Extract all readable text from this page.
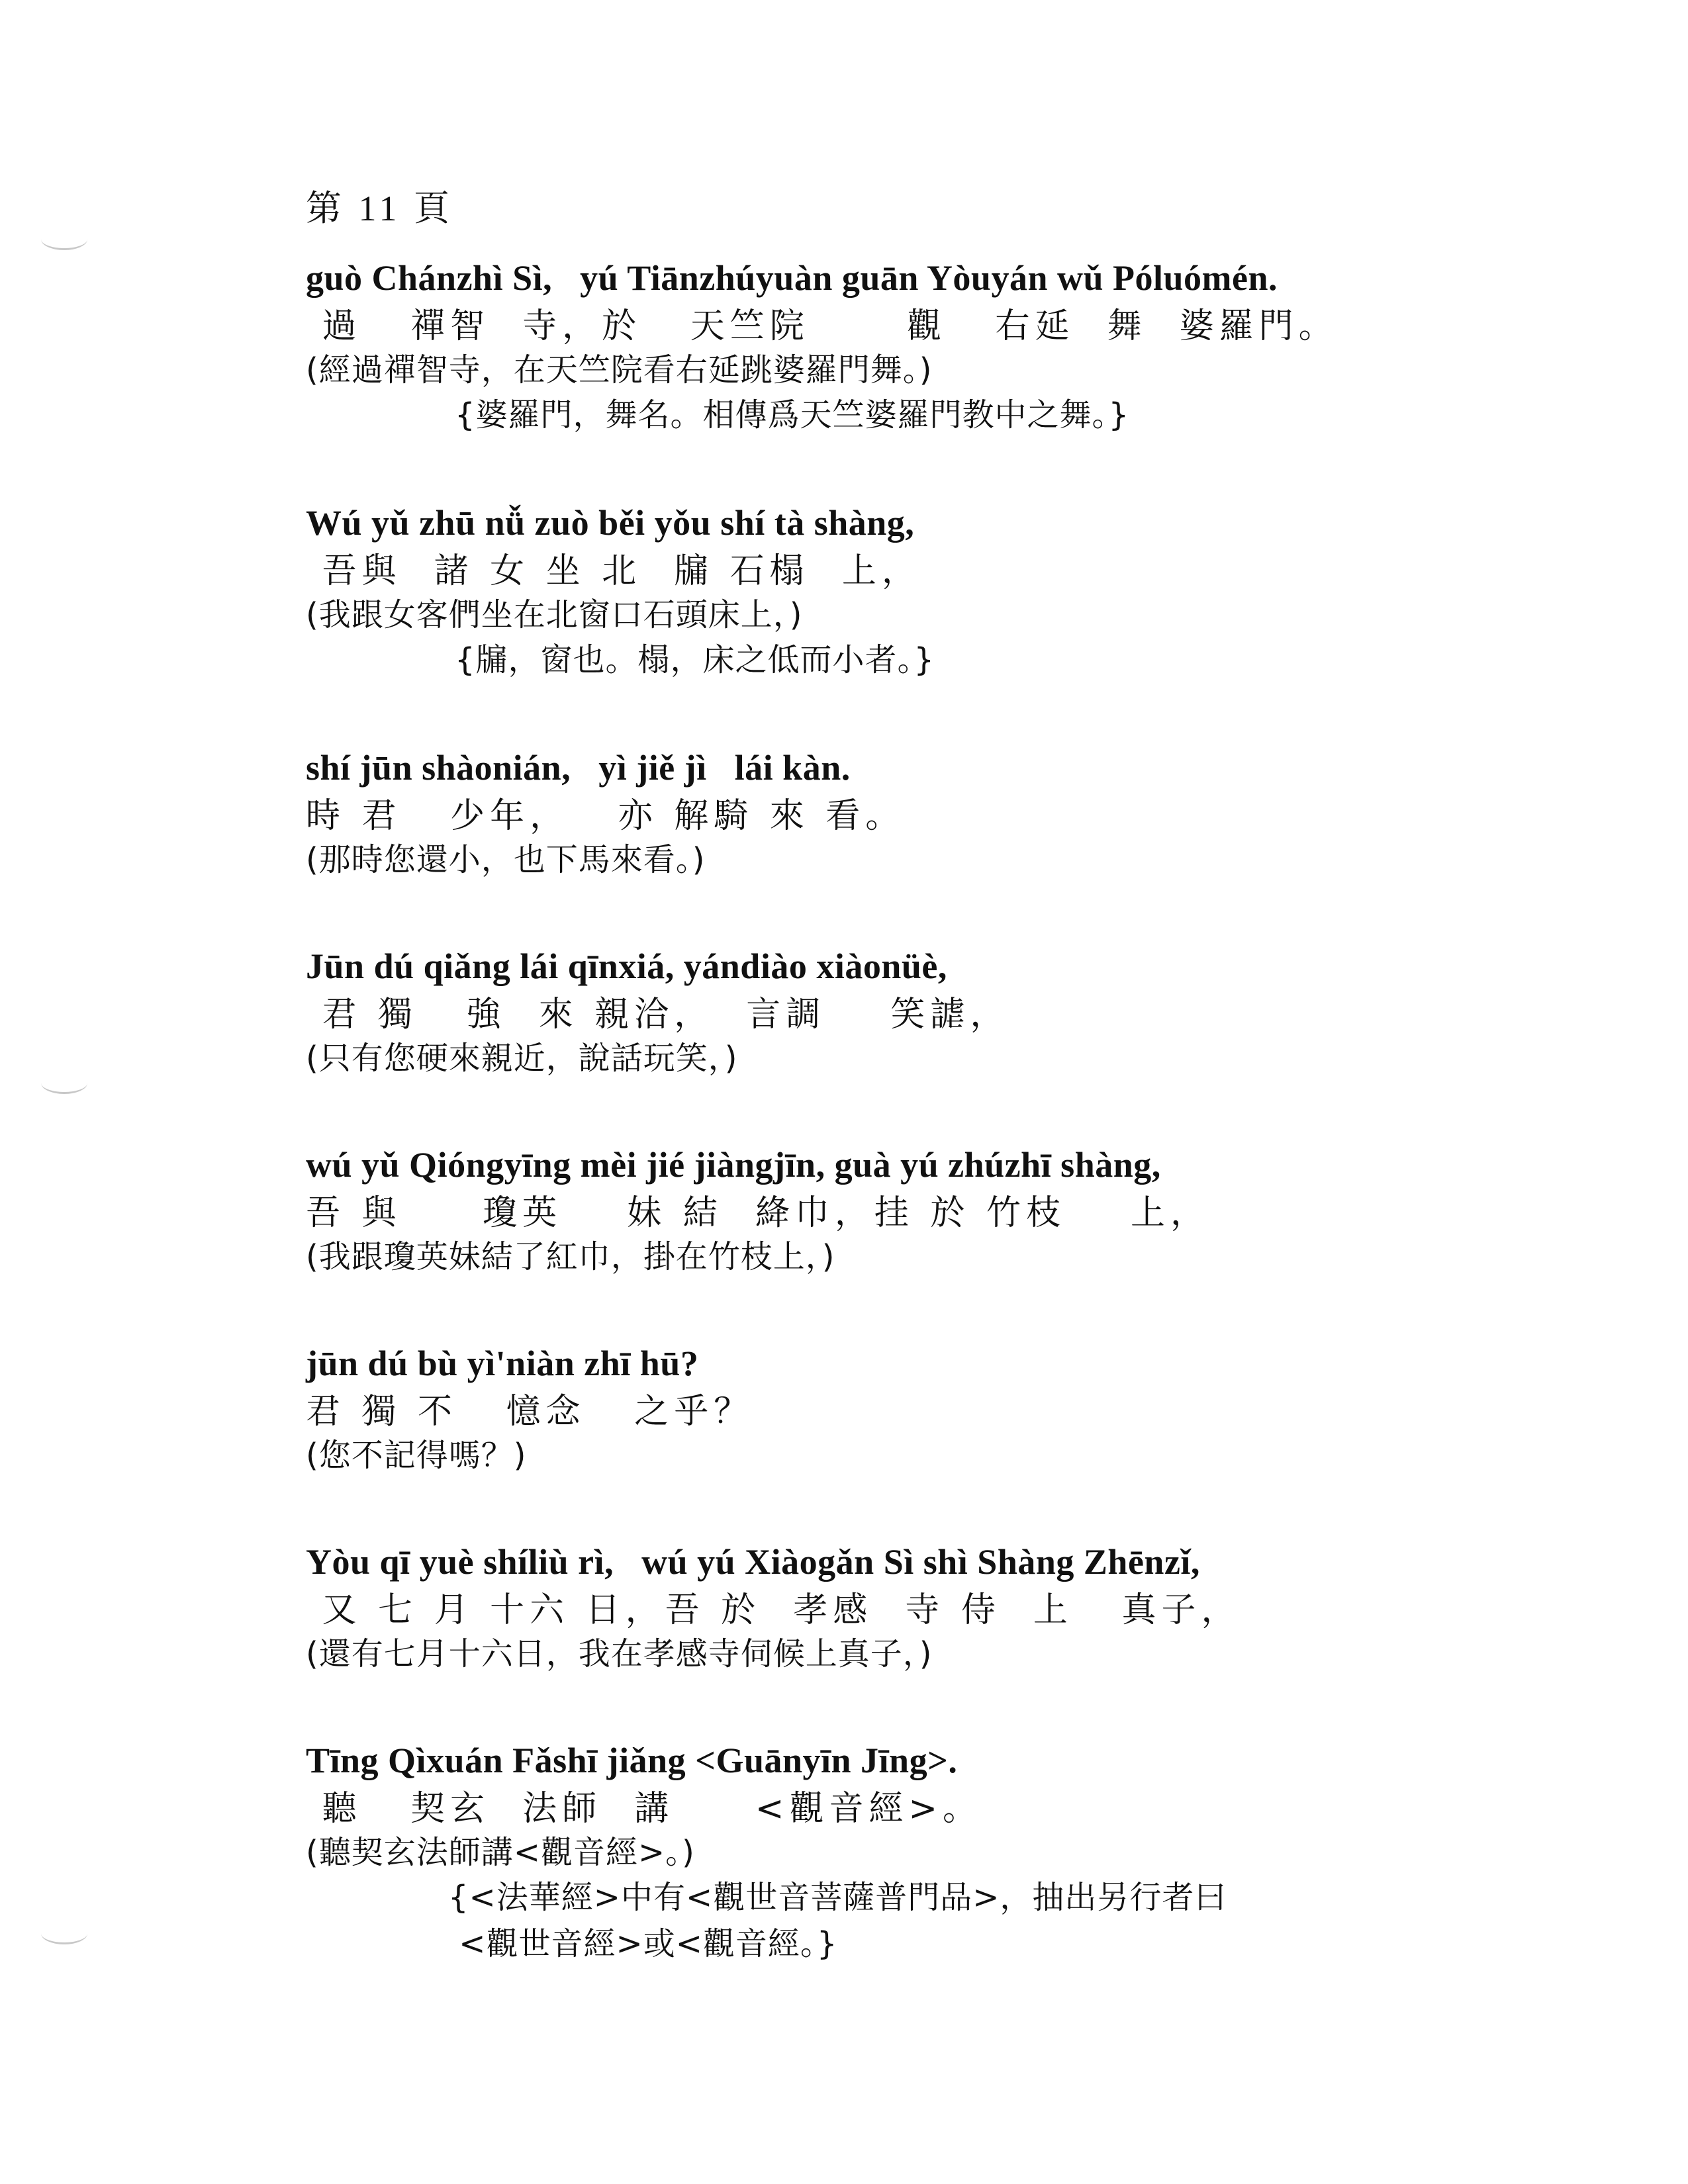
第 11 頁
guò Chánzhì Sì,   yú Tiānzhúyuàn guān Yòuyán wǔ Póluómén.
過   禪智  寺，於   天竺院      觀   右延  舞  婆羅門。
(經過禪智寺，在天竺院看右延跳婆羅門舞。)
{婆羅門，舞名。相傳爲天竺婆羅門教中之舞。}
Wú yǔ zhū nǚ zuò běi yǒu shí tà shàng,
吾與  諸 女 坐 北  牖 石榻  上，
(我跟女客們坐在北窗口石頭床上，)
{牖，窗也。榻，床之低而小者。}
shí jūn shàonián,   yì jiě jì   lái kàn.
時 君   少年，   亦 解騎 來 看。
(那時您還小，也下馬來看。)
Jūn dú qiǎng lái qīnxiá, yándiào xiàonüè,
君 獨   強  來 親洽，  言調    笑謔，
(只有您硬來親近，說話玩笑，)
wú yǔ Qióngyīng mèi jié jiàngjīn, guà yú zhúzhī shàng,
吾 與     瓊英    妹 結  絳巾，挂 於 竹枝    上，
(我跟瓊英妹結了紅巾，掛在竹枝上，)
jūn dú bù yì'niàn zhī hū?
君 獨 不   憶念   之乎？
(您不記得嗎？)
Yòu qī yuè shíliù rì,   wú yú Xiàogǎn Sì shì Shàng Zhēnzǐ,
又 七 月 十六 日，吾 於  孝感  寺 侍  上   真子，
(還有七月十六日，我在孝感寺伺候上真子，)
Tīng Qìxuán Fǎshī jiǎng <Guānyīn Jīng>.
聽   契玄  法師  講     <觀音經>。
(聽契玄法師講<觀音經>。)
{<法華經>中有<觀世音菩薩普門品>，抽出另行者曰
<觀世音經>或<觀音經。}
